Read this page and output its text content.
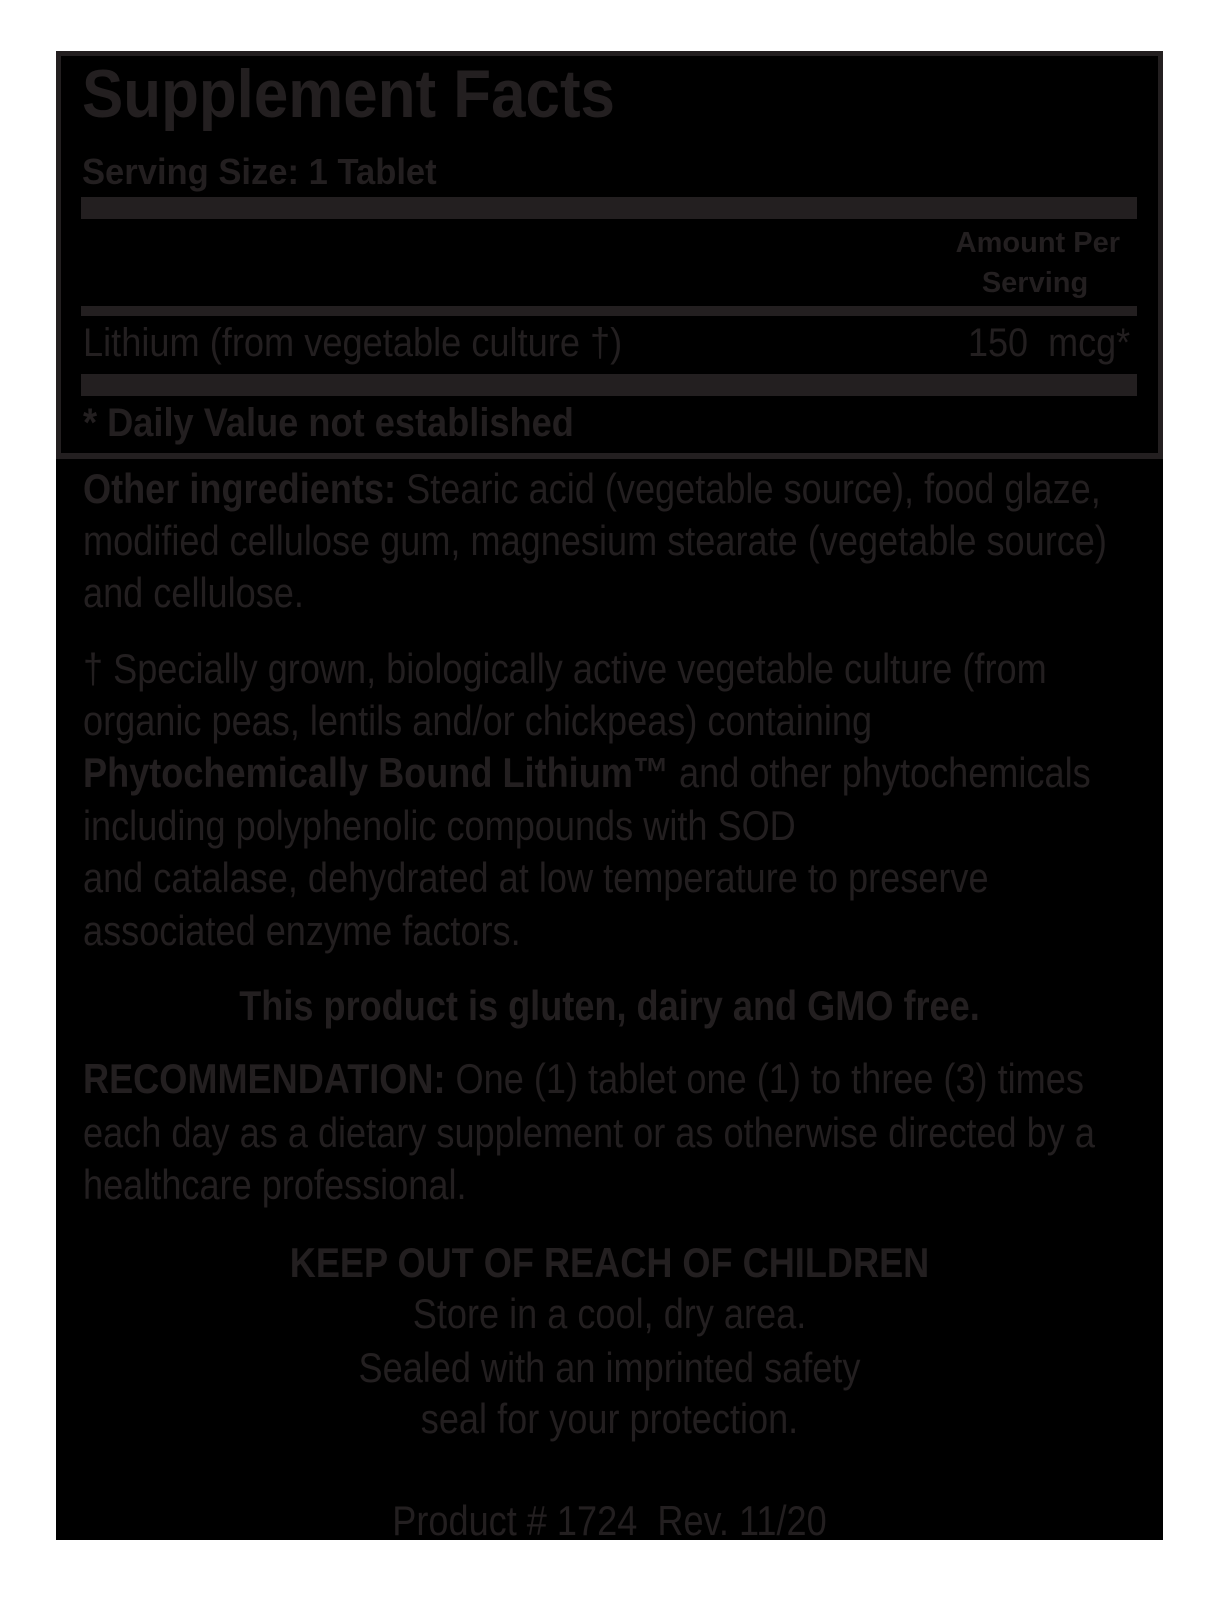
Supplement Facts
Serving Size: 1 Tablet
Amount Per
Serving
Lithium (from vegetable culture †)	150  mcg*
* Daily Value not established
Other ingredients: Stearic acid (vegetable source), food glaze,
modified cellulose gum, magnesium stearate (vegetable source)
and cellulose.
† Specially grown, biologically active vegetable culture (from
organic peas, lentils and/or chickpeas) containing
Phytochemically Bound Lithium™ and other phytochemicals
including polyphenolic compounds with SOD
and catalase, dehydrated at low temperature to preserve
associated enzyme factors.
This product is gluten, dairy and GMO free.
RECOMMENDATION: One (1) tablet one (1) to three (3) times
each day as a dietary supplement or as otherwise directed by a
healthcare professional.
KEEP OUT OF REACH OF CHILDREN
Store in a cool, dry area.
Sealed with an imprinted safety
seal for your protection.
Product # 1724  Rev. 11/20
